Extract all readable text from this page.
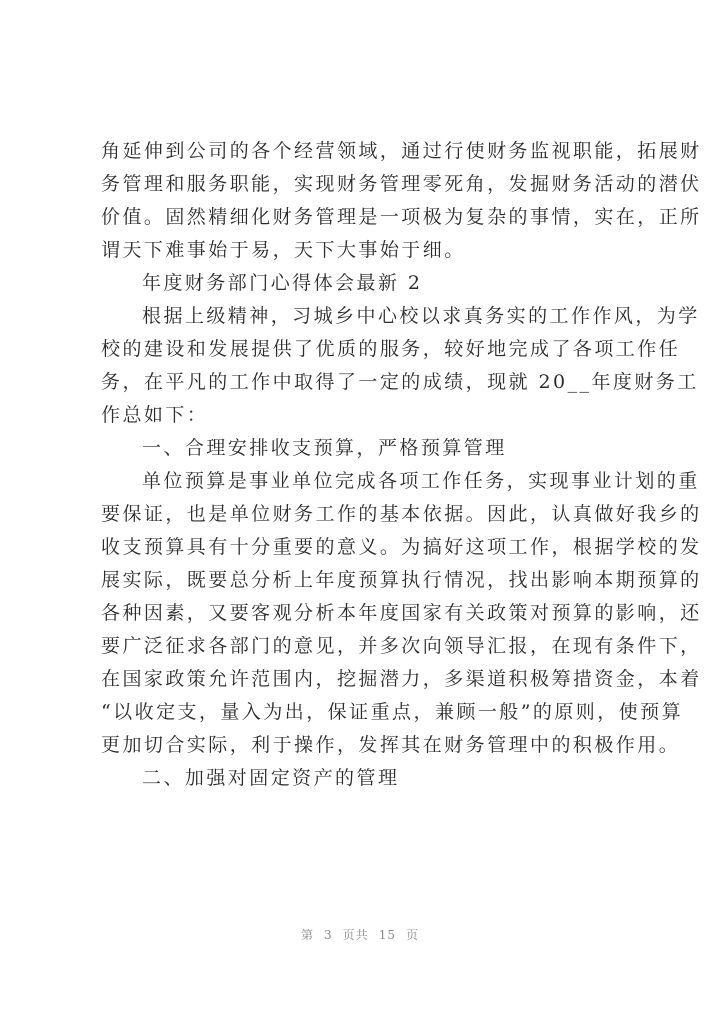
角延伸到公司的各个经营领域，通过行使财务监视职能，拓展财
务管理和服务职能，实现财务管理零死角，发掘财务活动的潜伏
价值。固然精细化财务管理是一项极为复杂的事情，实在，正所
谓天下难事始于易，天下大事始于细。
年度财务部门心得体会最新 2
根据上级精神，习城乡中心校以求真务实的工作作风，为学
校的建设和发展提供了优质的服务，较好地完成了各项工作任
务，在平凡的工作中取得了一定的成绩，现就 20__年度财务工
作总如下：
一、合理安排收支预算，严格预算管理
单位预算是事业单位完成各项工作任务，实现事业计划的重
要保证，也是单位财务工作的基本依据。因此，认真做好我乡的
收支预算具有十分重要的意义。为搞好这项工作，根据学校的发
展实际，既要总分析上年度预算执行情况，找出影响本期预算的
各种因素，又要客观分析本年度国家有关政策对预算的影响，还
要广泛征求各部门的意见，并多次向领导汇报，在现有条件下，
在国家政策允许范围内，挖掘潜力，多渠道积极筹措资金，本着
“以收定支，量入为出，保证重点，兼顾一般”的原则，使预算
更加切合实际，利于操作，发挥其在财务管理中的积极作用。
二、加强对固定资产的管理
第 3 页共 15 页
